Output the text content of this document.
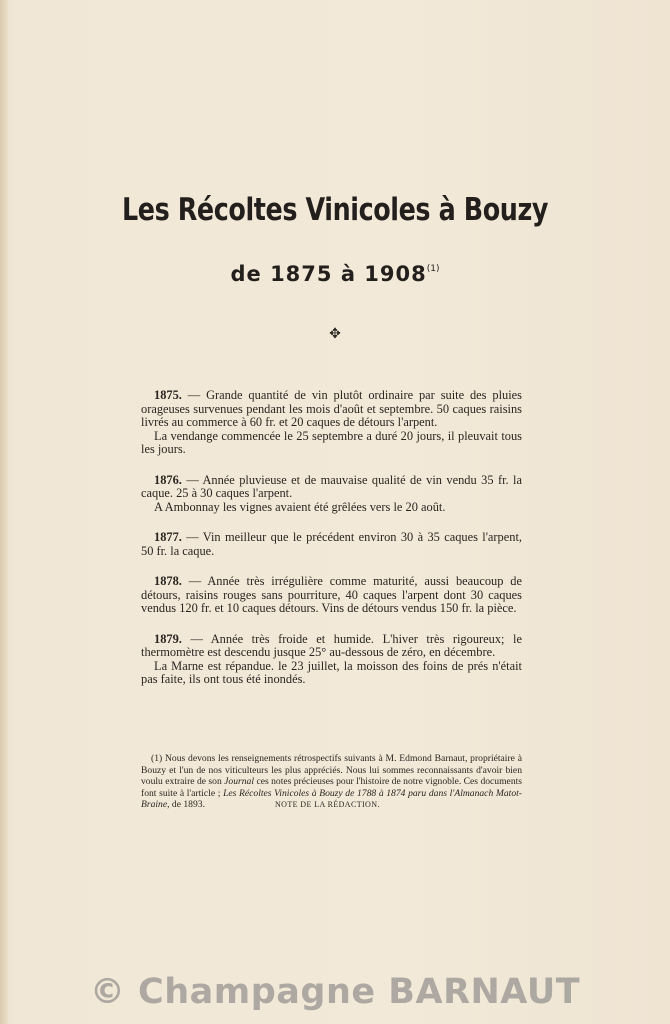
Les Récoltes Vinicoles à Bouzy
de 1875 à 1908$^{(1)}$
✥

1875. — Grande quantité de vin plutôt ordinaire par suite des pluies orageuses survenues pendant les mois d'août et septembre. 50 caques raisins livrés au commerce à 60 fr. et 20 caques de détours l'arpent.

La vendange commencée le 25 septembre a duré 20 jours, il pleuvait tous les jours.

1876. — Année pluvieuse et de mauvaise qualité de vin vendu 35 fr. la caque. 25 à 30 caques l'arpent.

A Ambonnay les vignes avaient été grêlées vers le 20 août.

1877. — Vin meilleur que le précédent environ 30 à 35 caques l'arpent, 50 fr. la caque.

1878. — Année très irrégulière comme maturité, aussi beaucoup de détours, raisins rouges sans pourriture, 40 caques l'arpent dont 30 caques vendus 120 fr. et 10 caques détours. Vins de détours vendus 150 fr. la pièce.

1879. — Année très froide et humide. L'hiver très rigoureux; le thermomètre est descendu jusque 25° au-dessous de zéro, en décembre.

La Marne est répandue. le 23 juillet, la moisson des foins de prés n'était pas faite, ils ont tous été inondés.

(1) Nous devons les renseignements rétrospectifs suivants à M. Edmond Barnaut, propriétaire à Bouzy et l'un de nos viticulteurs les plus appréciés. Nous lui sommes reconnaissants d'avoir bien voulu extraire de son Journal ces notes précieuses pour l'histoire de notre vignoble. Ces documents font suite à l'article ; Les Récoltes Vinicoles à Bouzy de 1788 à 1874 paru dans l'Almanach Matot-Braine, de 1893.	NOTE DE LA RÉDACTION.

© Champagne BARNAUT
